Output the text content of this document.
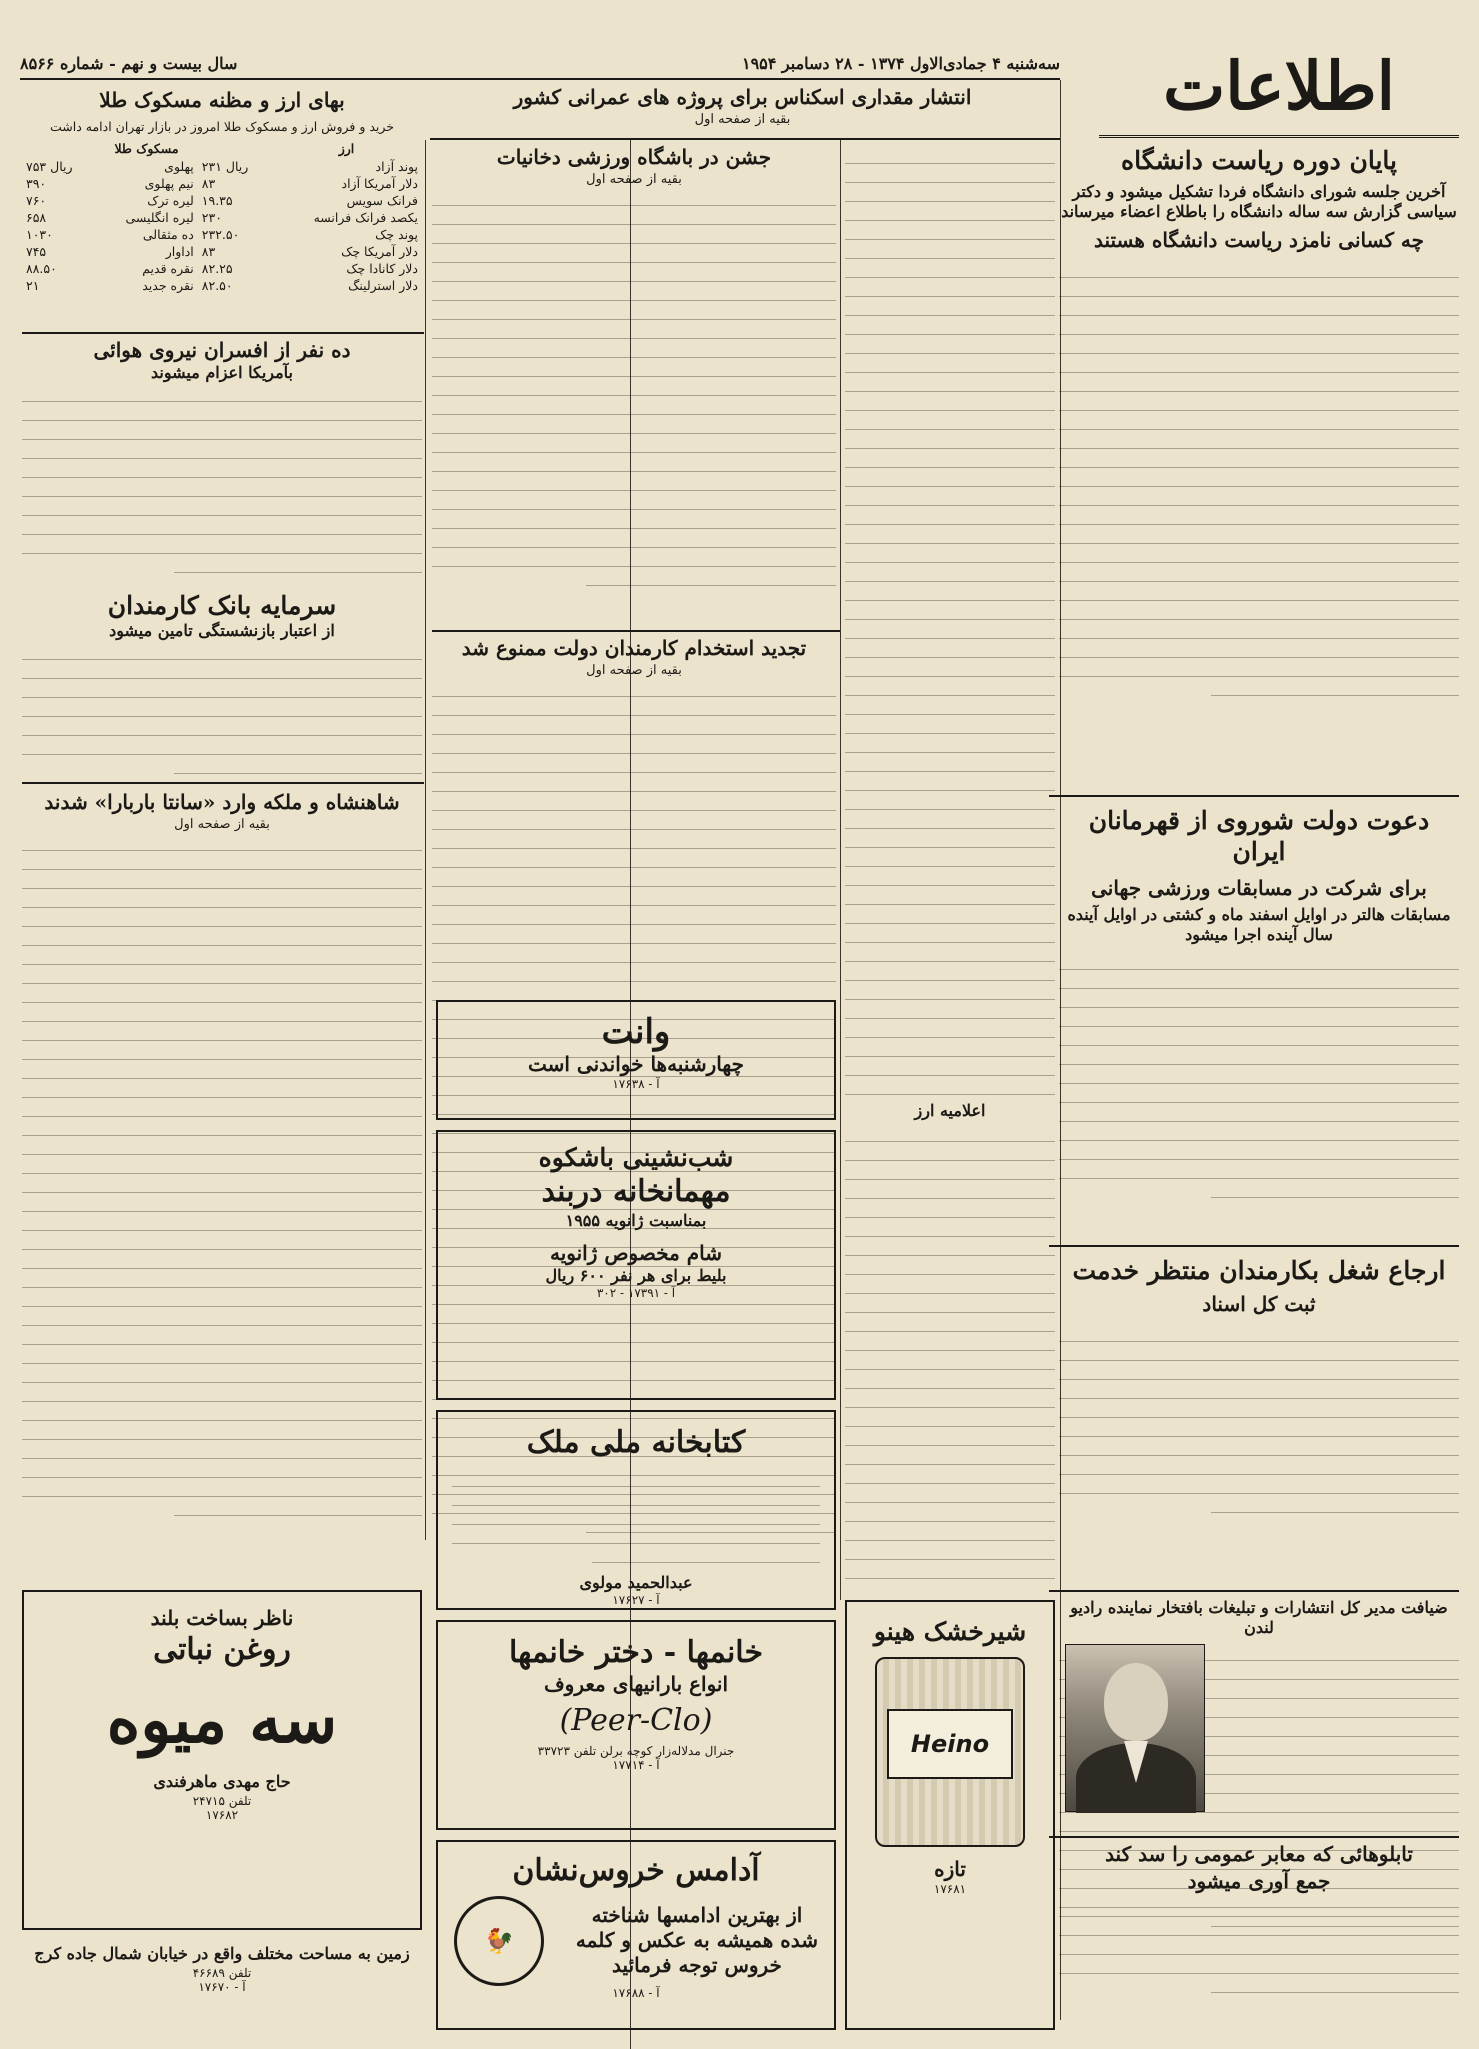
اطلاعات
سه‌شنبه ۴ جمادی‌الاول ۱۳۷۴ - ۲۸ دسامبر ۱۹۵۴
سال بیست و نهم - شماره ۸۵۶۶
پایان دوره ریاست دانشگاه
آخرین جلسه شورای دانشگاه فردا تشکیل میشود و دکتر سیاسی گزارش سه ساله دانشگاه را باطلاع اعضاء میرساند
چه کسانی نامزد ریاست دانشگاه هستند
دعوت دولت شوروی از قهرمانان ایران
برای شرکت در مسابقات ورزشی جهانی
مسابقات هالتر در اوایل اسفند ماه و کشتی در اوایل آینده سال آینده اجرا میشود
ارجاع شغل بکارمندان منتظر خدمت
ثبت کل اسناد
ضیافت مدیر کل انتشارات و تبلیغات بافتخار نماینده رادیو لندن
تابلوهائی که معابر عمومی را سد کند
جمع آوری میشود
انتشار مقداری اسکناس برای پروژه های عمرانی کشور
بقیه از صفحه اول
اعلامیه ارز
جشن در باشگاه ورزشی دخانیات
بقیه از صفحه اول
تجدید استخدام کارمندان دولت ممنوع شد
بقیه از صفحه اول
بهای ارز و مظنه مسکوک طلا
خرید و فروش ارز و مسکوک طلا امروز در بازار تهران ادامه داشت
ارز		مسکوک طلا	
پوند آزاد	۲۳۱ ریال	پهلوی	۷۵۳ ریال
دلار آمریکا آزاد	۸۳	نیم پهلوی	۳۹۰
فرانک سویس	۱۹.۳۵	لیره ترک	۷۶۰
یکصد فرانک فرانسه	۲۳۰	لیره انگلیسی	۶۵۸
پوند چک	۲۳۲.۵۰	ده مثقالی	۱۰۳۰
دلار آمریکا چک	۸۳	اداوار	۷۴۵
دلار کانادا چک	۸۲.۲۵	نقره قدیم	۸۸.۵۰
دلار استرلینگ	۸۲.۵۰	نقره جدید	۲۱
ده نفر از افسران نیروی هوائی
بآمریکا اعزام میشوند
سرمایه بانک کارمندان
از اعتبار بازنشستگی تامین میشود
شاهنشاه و ملکه وارد «سانتا باربارا» شدند
بقیه از صفحه اول
وانت
چهارشنبه‌ها خواندنی است
آ - ۱۷۶۳۸
شب‌نشینی باشکوه
مهمانخانه دربند
بمناسبت ژانویه ۱۹۵۵
شام مخصوص ژانویه
بلیط برای هر نفر ۶۰۰ ریال
آ - ۱۷۳۹۱ - ۳۰۲
کتابخانه ملی ملک
عبدالحمید مولوی
آ - ۱۷۶۲۷
خانمها - دختر خانمها
انواع بارانیهای معروف
(Peer-Clo)
جنرال مدلاله‌زار کوچه برلن تلفن ۳۳۷۲۳
آ - ۱۷۷۱۴
آدامس خروس‌نشان
از بهترین ادامسها شناخته
شده همیشه به عکس و کلمه
خروس توجه فرمائید
🐓
آ - ۱۷۶۸۸
ناظر بساخت بلند
روغن نباتی
سه میوه
حاج مهدی ماهرفندی
تلفن ۲۴۷۱۵
۱۷۶۸۲
زمین به مساحت مختلف واقع در خیابان شمال جاده کرج
تلفن ۴۶۶۸۹
آ - ۱۷۶۷۰
شیرخشک هینو
Heino
تازه
۱۷۶۸۱
